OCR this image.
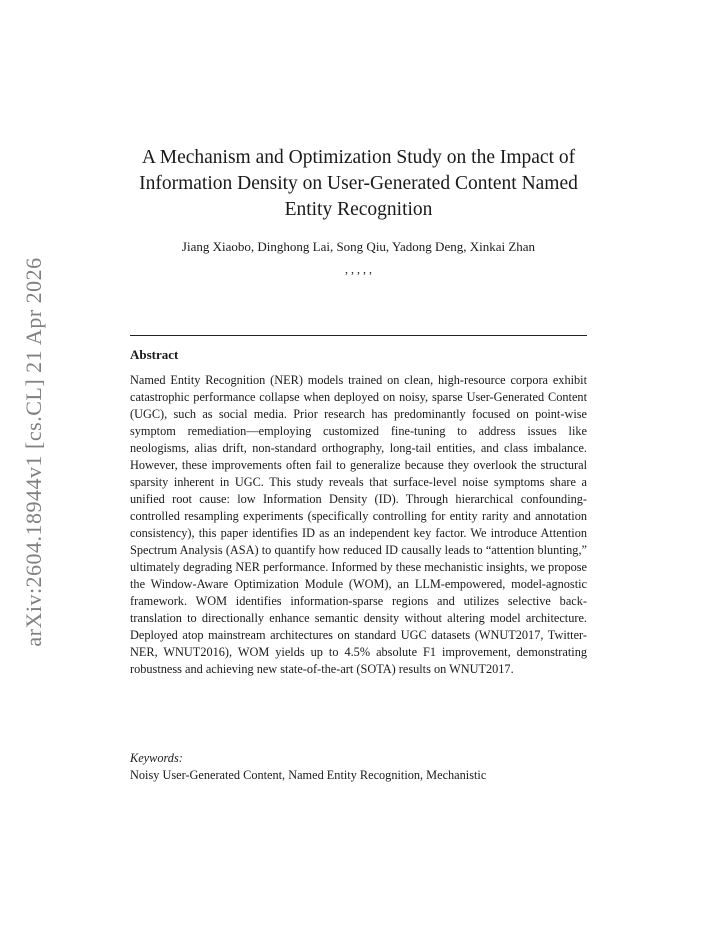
arXiv:2604.18944v1 [cs.CL] 21 Apr 2026
A Mechanism and Optimization Study on the Impact of Information Density on User-Generated Content Named Entity Recognition
Jiang Xiaobo, Dinghong Lai, Song Qiu, Yadong Deng, Xinkai Zhan
, , , , ,
Abstract
Named Entity Recognition (NER) models trained on clean, high-resource corpora exhibit catastrophic performance collapse when deployed on noisy, sparse User-Generated Content (UGC), such as social media. Prior research has predominantly focused on point-wise symptom remediation—employing customized fine-tuning to address issues like neologisms, alias drift, non-standard orthography, long-tail entities, and class imbalance. However, these improvements often fail to generalize because they overlook the structural sparsity inherent in UGC. This study reveals that surface-level noise symptoms share a unified root cause: low Information Density (ID). Through hierarchical confounding-controlled resampling experiments (specifically controlling for entity rarity and annotation consistency), this paper identifies ID as an independent key factor. We introduce Attention Spectrum Analysis (ASA) to quantify how reduced ID causally leads to “attention blunting,” ultimately degrading NER performance. Informed by these mechanistic insights, we propose the Window-Aware Optimization Module (WOM), an LLM-empowered, model-agnostic framework. WOM identifies information-sparse regions and utilizes selective back-translation to directionally enhance semantic density without altering model architecture. Deployed atop mainstream architectures on standard UGC datasets (WNUT2017, Twitter-NER, WNUT2016), WOM yields up to 4.5% absolute F1 improvement, demonstrating robustness and achieving new state-of-the-art (SOTA) results on WNUT2017.
Keywords:
Noisy User-Generated Content, Named Entity Recognition, Mechanistic
